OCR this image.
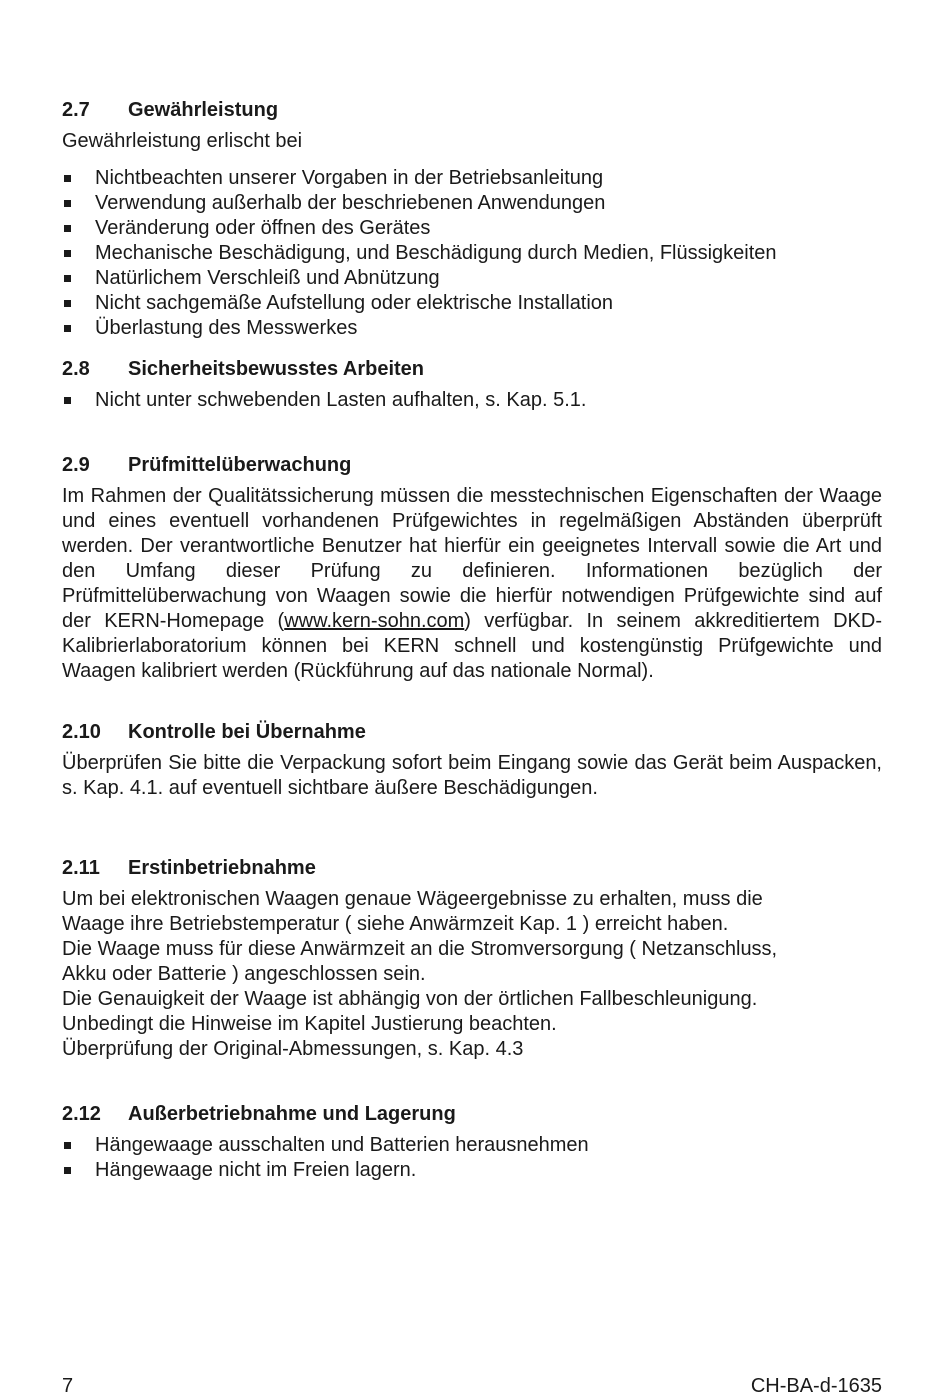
2.7	Gewährleistung

Gewährleistung erlischt bei

Nichtbeachten unserer Vorgaben in der Betriebsanleitung
Verwendung außerhalb der beschriebenen Anwendungen
Veränderung oder öffnen des Gerätes
Mechanische Beschädigung, und Beschädigung durch Medien, Flüssigkeiten
Natürlichem Verschleiß und Abnützung
Nicht sachgemäße Aufstellung oder elektrische Installation
Überlastung des Messwerkes
2.8	Sicherheitsbewusstes Arbeiten
Nicht unter schwebenden Lasten aufhalten, s. Kap. 5.1.
2.9	Prüfmittelüberwachung

Im Rahmen der Qualitätssicherung müssen die messtechnischen Eigenschaften der Waage und eines eventuell vorhandenen Prüfgewichtes in regelmäßigen Abständen überprüft werden. Der verantwortliche Benutzer hat hierfür ein geeignetes Intervall sowie die Art und den Umfang dieser Prüfung zu definieren. Informationen bezüglich der Prüfmittelüberwachung von Waagen sowie die hierfür notwendigen Prüfgewichte sind auf der KERN-Homepage (www.kern-sohn.com) verfügbar. In seinem akkreditiertem DKD-Kalibrierlaboratorium können bei KERN schnell und kostengünstig Prüfgewichte und Waagen kalibriert werden (Rückführung auf das nationale Normal).

2.10	Kontrolle bei Übernahme

Überprüfen Sie bitte die Verpackung sofort beim Eingang sowie das Gerät beim Auspacken, s. Kap. 4.1. auf eventuell sichtbare äußere Beschädigungen.

2.11	Erstinbetriebnahme

Um bei elektronischen Waagen genaue Wägeergebnisse zu erhalten, muss die

Waage ihre Betriebstemperatur ( siehe Anwärmzeit Kap. 1 ) erreicht haben.

Die Waage muss für diese Anwärmzeit an die Stromversorgung ( Netzanschluss,

Akku oder Batterie ) angeschlossen sein.

Die Genauigkeit der Waage ist abhängig von der örtlichen Fallbeschleunigung.

Unbedingt die Hinweise im Kapitel Justierung beachten.

Überprüfung der Original-Abmessungen, s. Kap. 4.3

2.12	Außerbetriebnahme und Lagerung
Hängewaage ausschalten und Batterien herausnehmen
Hängewaage nicht im Freien lagern.
7	CH-BA-d-1635
